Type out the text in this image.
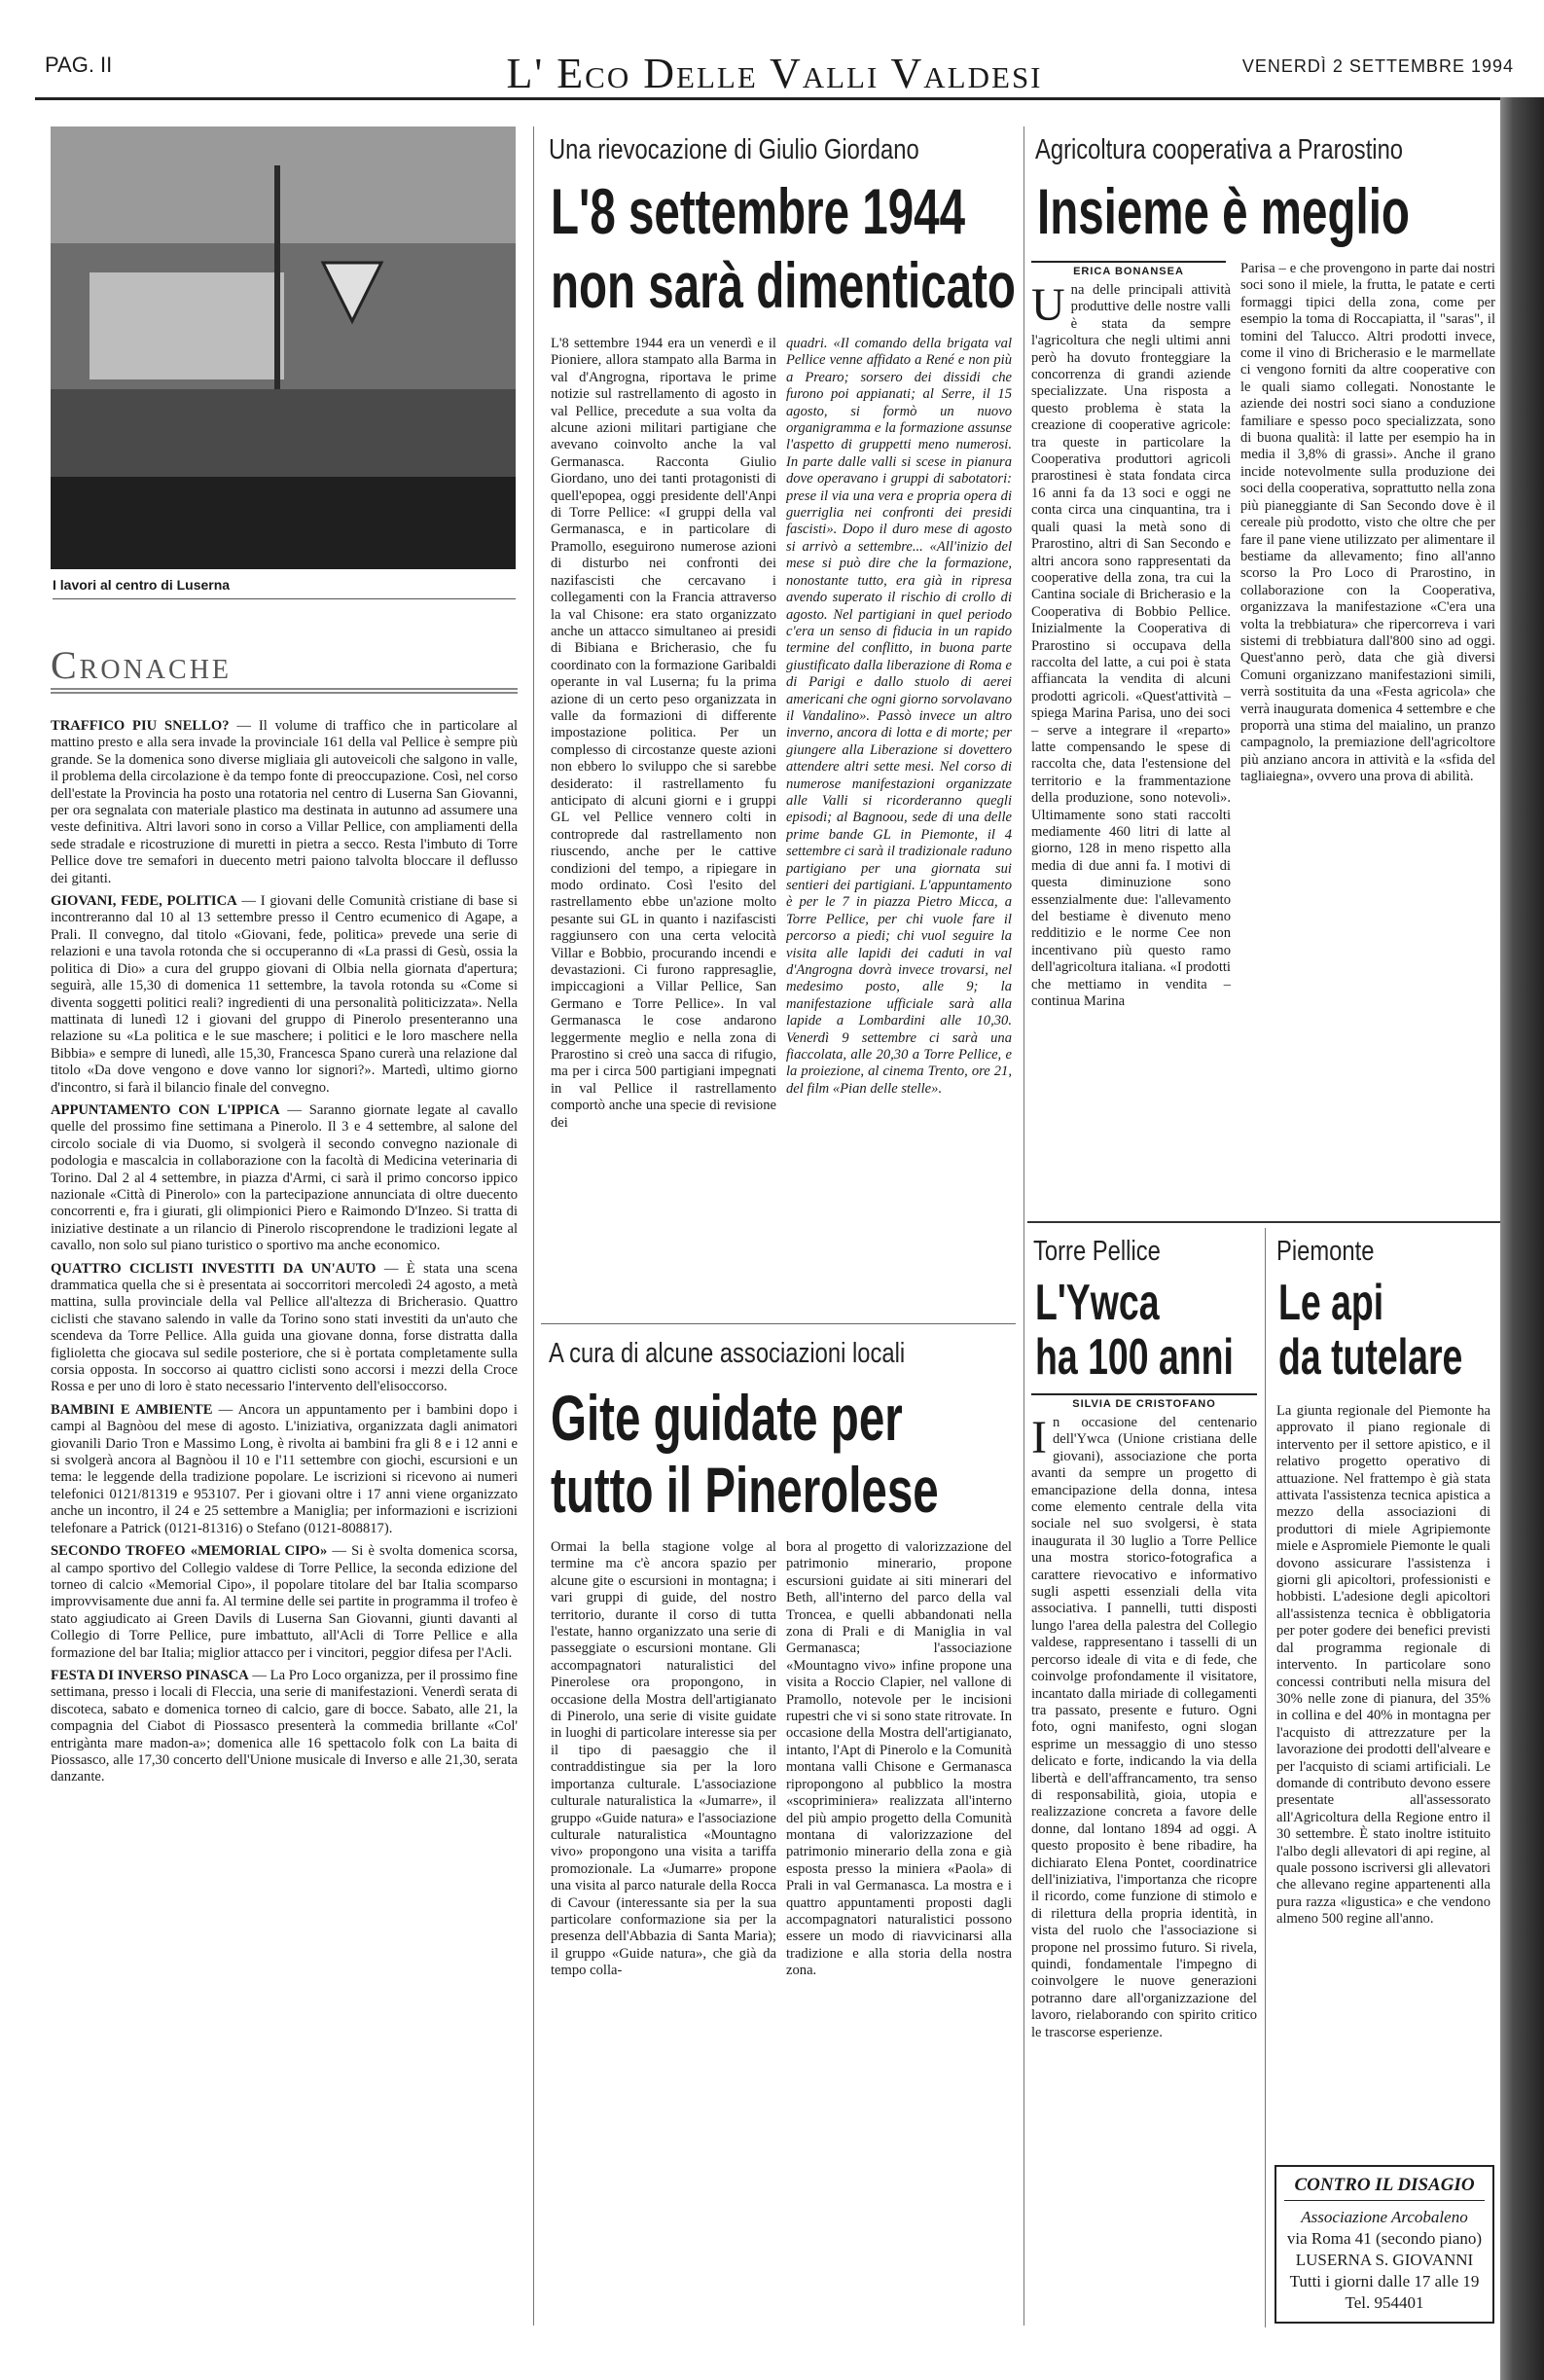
PAG. II	L' Eco Delle Valli Valdesi	VENERDÌ 2 SETTEMBRE 1994
I lavori al centro di Luserna
Cronache

TRAFFICO PIU SNELLO? — Il volume di traffico che in particolare al mattino presto e alla sera invade la provinciale 161 della val Pellice è sempre più grande. Se la domenica sono diverse migliaia gli autoveicoli che salgono in valle, il problema della circolazione è da tempo fonte di preoccupazione. Così, nel corso dell'estate la Provincia ha posto una rotatoria nel centro di Luserna San Giovanni, per ora segnalata con materiale plastico ma destinata in autunno ad assumere una veste definitiva. Altri lavori sono in corso a Villar Pellice, con ampliamenti della sede stradale e ricostruzione di muretti in pietra a secco. Resta l'imbuto di Torre Pellice dove tre semafori in duecento metri paiono talvolta bloccare il deflusso dei gitanti.

GIOVANI, FEDE, POLITICA — I giovani delle Comunità cristiane di base si incontreranno dal 10 al 13 settembre presso il Centro ecumenico di Agape, a Prali. Il convegno, dal titolo «Giovani, fede, politica» prevede una serie di relazioni e una tavola rotonda che si occuperanno di «La prassi di Gesù, ossia la politica di Dio» a cura del gruppo giovani di Olbia nella giornata d'apertura; seguirà, alle 15,30 di domenica 11 settembre, la tavola rotonda su «Come si diventa soggetti politici reali? ingredienti di una personalità politicizzata». Nella mattinata di lunedì 12 i giovani del gruppo di Pinerolo presenteranno una relazione su «La politica e le sue maschere; i politici e le loro maschere nella Bibbia» e sempre di lunedì, alle 15,30, Francesca Spano curerà una relazione dal titolo «Da dove vengono e dove vanno lor signori?». Martedì, ultimo giorno d'incontro, si farà il bilancio finale del convegno.

APPUNTAMENTO CON L'IPPICA — Saranno giornate legate al cavallo quelle del prossimo fine settimana a Pinerolo. Il 3 e 4 settembre, al salone del circolo sociale di via Duomo, si svolgerà il secondo convegno nazionale di podologia e mascalcia in collaborazione con la facoltà di Medicina veterinaria di Torino. Dal 2 al 4 settembre, in piazza d'Armi, ci sarà il primo concorso ippico nazionale «Città di Pinerolo» con la partecipazione annunciata di oltre duecento concorrenti e, fra i giurati, gli olimpionici Piero e Raimondo D'Inzeo. Si tratta di iniziative destinate a un rilancio di Pinerolo riscoprendone le tradizioni legate al cavallo, non solo sul piano turistico o sportivo ma anche economico.

QUATTRO CICLISTI INVESTITI DA UN'AUTO — È stata una scena drammatica quella che si è presentata ai soccorritori mercoledì 24 agosto, a metà mattina, sulla provinciale della val Pellice all'altezza di Bricherasio. Quattro ciclisti che stavano salendo in valle da Torino sono stati investiti da un'auto che scendeva da Torre Pellice. Alla guida una giovane donna, forse distratta dalla figlioletta che giocava sul sedile posteriore, che si è portata completamente sulla corsia opposta. In soccorso ai quattro ciclisti sono accorsi i mezzi della Croce Rossa e per uno di loro è stato necessario l'intervento dell'elisoccorso.

BAMBINI E AMBIENTE — Ancora un appuntamento per i bambini dopo i campi al Bagnòou del mese di agosto. L'iniziativa, organizzata dagli animatori giovanili Dario Tron e Massimo Long, è rivolta ai bambini fra gli 8 e i 12 anni e si svolgerà ancora al Bagnòou il 10 e l'11 settembre con giochi, escursioni e un tema: le leggende della tradizione popolare. Le iscrizioni si ricevono ai numeri telefonici 0121/81319 e 953107. Per i giovani oltre i 17 anni viene organizzato anche un incontro, il 24 e 25 settembre a Maniglia; per informazioni e iscrizioni telefonare a Patrick (0121-81316) o Stefano (0121-808817).

SECONDO TROFEO «MEMORIAL CIPO» — Si è svolta domenica scorsa, al campo sportivo del Collegio valdese di Torre Pellice, la seconda edizione del torneo di calcio «Memorial Cipo», il popolare titolare del bar Italia scomparso improvvisamente due anni fa. Al termine delle sei partite in programma il trofeo è stato aggiudicato ai Green Davils di Luserna San Giovanni, giunti davanti al Collegio di Torre Pellice, pure imbattuto, all'Acli di Torre Pellice e alla formazione del bar Italia; miglior attacco per i vincitori, peggior difesa per l'Acli.

FESTA DI INVERSO PINASCA — La Pro Loco organizza, per il prossimo fine settimana, presso i locali di Fleccia, una serie di manifestazioni. Venerdì serata di discoteca, sabato e domenica torneo di calcio, gare di bocce. Sabato, alle 21, la compagnia del Ciabot di Piossasco presenterà la commedia brillante «Col' entrigànta mare madon-a»; domenica alle 16 spettacolo folk con La baita di Piossasco, alle 17,30 concerto dell'Unione musicale di Inverso e alle 21,30, serata danzante.

Una rievocazione di Giulio Giordano
L'8 settembre 1944
non sarà dimenticato
L'8 settembre 1944 era un venerdì e il Pioniere, allora stampato alla Barma in val d'Angrogna, riportava le prime notizie sul rastrellamento di agosto in val Pellice, precedute a sua volta da alcune azioni militari partigiane che avevano coinvolto anche la val Germanasca. Racconta Giulio Giordano, uno dei tanti protagonisti di quell'epopea, oggi presidente dell'Anpi di Torre Pellice: «I gruppi della val Germanasca, e in particolare di Pramollo, eseguirono numerose azioni di disturbo nei confronti dei nazifascisti che cercavano i collegamenti con la Francia attraverso la val Chisone: era stato organizzato anche un attacco simultaneo ai presidi di Bibiana e Bricherasio, che fu coordinato con la formazione Garibaldi operante in val Luserna; fu la prima azione di un certo peso organizzata in valle da formazioni di differente impostazione politica. Per un complesso di circostanze queste azioni non ebbero lo sviluppo che si sarebbe desiderato: il rastrellamento fu anticipato di alcuni giorni e i gruppi GL vel Pellice vennero colti in controprede dal rastrellamento non riuscendo, anche per le cattive condizioni del tempo, a ripiegare in modo ordinato. Così l'esito del rastrellamento ebbe un'azione molto pesante sui GL in quanto i nazifascisti raggiunsero con una certa velocità Villar e Bobbio, procurando incendi e devastazioni. Ci furono rappresaglie, impiccagioni a Villar Pellice, San Germano e Torre Pellice». In val Germanasca le cose andarono leggermente meglio e nella zona di Prarostino si creò una sacca di rifugio, ma per i circa 500 partigiani impegnati in val Pellice il rastrellamento comportò anche una specie di revisione dei
quadri. «Il comando della brigata val Pellice venne affidato a René e non più a Prearo; sorsero dei dissidi che furono poi appianati; al Serre, il 15 agosto, si formò un nuovo organigramma e la formazione assunse l'aspetto di gruppetti meno numerosi. In parte dalle valli si scese in pianura dove operavano i gruppi di sabotatori: prese il via una vera e propria opera di guerriglia nei confronti dei presidi fascisti». Dopo il duro mese di agosto si arrivò a settembre... «All'inizio del mese si può dire che la formazione, nonostante tutto, era già in ripresa avendo superato il rischio di crollo di agosto. Nel partigiani in quel periodo c'era un senso di fiducia in un rapido termine del conflitto, in buona parte giustificato dalla liberazione di Roma e di Parigi e dallo stuolo di aerei americani che ogni giorno sorvolavano il Vandalino». Passò invece un altro inverno, ancora di lotta e di morte; per giungere alla Liberazione si dovettero attendere altri sette mesi. Nel corso di numerose manifestazioni organizzate alle Valli si ricorderanno quegli episodi; al Bagnoou, sede di una delle prime bande GL in Piemonte, il 4 settembre ci sarà il tradizionale raduno partigiano per una giornata sui sentieri dei partigiani. L'appuntamento è per le 7 in piazza Pietro Micca, a Torre Pellice, per chi vuole fare il percorso a piedi; chi vuol seguire la visita alle lapidi dei caduti in val d'Angrogna dovrà invece trovarsi, nel medesimo posto, alle 9; la manifestazione ufficiale sarà alla lapide a Lombardini alle 10,30. Venerdì 9 settembre ci sarà una fiaccolata, alle 20,30 a Torre Pellice, e la proiezione, al cinema Trento, ore 21, del film «Pian delle stelle».
A cura di alcune associazioni locali
Gite guidate per
tutto il Pinerolese
Ormai la bella stagione volge al termine ma c'è ancora spazio per alcune gite o escursioni in montagna; i vari gruppi di guide, del nostro territorio, durante il corso di tutta l'estate, hanno organizzato una serie di passeggiate o escursioni montane. Gli accompagnatori naturalistici del Pinerolese ora propongono, in occasione della Mostra dell'artigianato di Pinerolo, una serie di visite guidate in luoghi di particolare interesse sia per il tipo di paesaggio che il contraddistingue sia per la loro importanza culturale. L'associazione culturale naturalistica la «Jumarre», il gruppo «Guide natura» e l'associazione culturale naturalistica «Mountagno vivo» propongono una visita a tariffa promozionale. La «Jumarre» propone una visita al parco naturale della Rocca di Cavour (interessante sia per la sua particolare conformazione sia per la presenza dell'Abbazia di Santa Maria); il gruppo «Guide natura», che già da tempo colla-
bora al progetto di valorizzazione del patrimonio minerario, propone escursioni guidate ai siti minerari del Beth, all'interno del parco della val Troncea, e quelli abbandonati nella zona di Prali e di Maniglia in val Germanasca; l'associazione «Mountagno vivo» infine propone una visita a Roccio Clapier, nel vallone di Pramollo, notevole per le incisioni rupestri che vi si sono state ritrovate. In occasione della Mostra dell'artigianato, intanto, l'Apt di Pinerolo e la Comunità montana valli Chisone e Germanasca ripropongono al pubblico la mostra «scopriminiera» realizzata all'interno del più ampio progetto della Comunità montana di valorizzazione del patrimonio minerario della zona e già esposta presso la miniera «Paola» di Prali in val Germanasca. La mostra e i quattro appuntamenti proposti dagli accompagnatori naturalistici possono essere un modo di riavvicinarsi alla tradizione e alla storia della nostra zona.
Agricoltura cooperativa a Prarostino
Insieme è meglio
ERICA BONANSEA
Una delle principali attività produttive delle nostre valli è stata da sempre l'agricoltura che negli ultimi anni però ha dovuto fronteggiare la concorrenza di grandi aziende specializzate. Una risposta a questo problema è stata la creazione di cooperative agricole: tra queste in particolare la Cooperativa produttori agricoli prarostinesi è stata fondata circa 16 anni fa da 13 soci e oggi ne conta circa una cinquantina, tra i quali quasi la metà sono di Prarostino, altri di San Secondo e altri ancora sono rappresentati da cooperative della zona, tra cui la Cantina sociale di Bricherasio e la Cooperativa di Bobbio Pellice. Inizialmente la Cooperativa di Prarostino si occupava della raccolta del latte, a cui poi è stata affiancata la vendita di alcuni prodotti agricoli. «Quest'attività – spiega Marina Parisa, uno dei soci – serve a integrare il «reparto» latte compensando le spese di raccolta che, data l'estensione del territorio e la frammentazione della produzione, sono notevoli». Ultimamente sono stati raccolti mediamente 460 litri di latte al giorno, 128 in meno rispetto alla media di due anni fa. I motivi di questa diminuzione sono essenzialmente due: l'allevamento del bestiame è divenuto meno redditizio e le norme Cee non incentivano più questo ramo dell'agricoltura italiana. «I prodotti che mettiamo in vendita – continua Marina
Parisa – e che provengono in parte dai nostri soci sono il miele, la frutta, le patate e certi formaggi tipici della zona, come per esempio la toma di Roccapiatta, il "saras", il tomini del Talucco. Altri prodotti invece, come il vino di Bricherasio e le marmellate ci vengono forniti da altre cooperative con le quali siamo collegati. Nonostante le aziende dei nostri soci siano a conduzione familiare e spesso poco specializzata, sono di buona qualità: il latte per esempio ha in media il 3,8% di grassi». Anche il grano incide notevolmente sulla produzione dei soci della cooperativa, soprattutto nella zona più pianeggiante di San Secondo dove è il cereale più prodotto, visto che oltre che per fare il pane viene utilizzato per alimentare il bestiame da allevamento; fino all'anno scorso la Pro Loco di Prarostino, in collaborazione con la Cooperativa, organizzava la manifestazione «C'era una volta la trebbiatura» che ripercorreva i vari sistemi di trebbiatura dall'800 sino ad oggi. Quest'anno però, data che già diversi Comuni organizzano manifestazioni simili, verrà sostituita da una «Festa agricola» che verrà inaugurata domenica 4 settembre e che proporrà una stima del maialino, un pranzo campagnolo, la premiazione dell'agricoltore più anziano ancora in attività e la «sfida del tagliaiegna», ovvero una prova di abilità.
Torre Pellice
L'Ywca
ha 100 anni
SILVIA DE CRISTOFANO
In occasione del centenario dell'Ywca (Unione cristiana delle giovani), associazione che porta avanti da sempre un progetto di emancipazione della donna, intesa come elemento centrale della vita sociale nel suo svolgersi, è stata inaugurata il 30 luglio a Torre Pellice una mostra storico-fotografica a carattere rievocativo e informativo sugli aspetti essenziali della vita associativa. I pannelli, tutti disposti lungo l'area della palestra del Collegio valdese, rappresentano i tasselli di un percorso ideale di vita e di fede, che coinvolge profondamente il visitatore, incantato dalla miriade di collegamenti tra passato, presente e futuro. Ogni foto, ogni manifesto, ogni slogan esprime un messaggio di uno stesso delicato e forte, indicando la via della libertà e dell'affrancamento, tra senso di responsabilità, gioia, utopia e realizzazione concreta a favore delle donne, dal lontano 1894 ad oggi. A questo proposito è bene ribadire, ha dichiarato Elena Pontet, coordinatrice dell'iniziativa, l'importanza che ricopre il ricordo, come funzione di stimolo e di rilettura della propria identità, in vista del ruolo che l'associazione si propone nel prossimo futuro. Si rivela, quindi, fondamentale l'impegno di coinvolgere le nuove generazioni potranno dare all'organizzazione del lavoro, rielaborando con spirito critico le trascorse esperienze.
Piemonte
Le api
da tutelare
La giunta regionale del Piemonte ha approvato il piano regionale di intervento per il settore apistico, e il relativo progetto operativo di attuazione. Nel frattempo è già stata attivata l'assistenza tecnica apistica a mezzo della associazioni di produttori di miele Agripiemonte miele e Aspromiele Piemonte le quali dovono assicurare l'assistenza i giorni gli apicoltori, professionisti e hobbisti. L'adesione degli apicoltori all'assistenza tecnica è obbligatoria per poter godere dei benefici previsti dal programma regionale di intervento. In particolare sono concessi contributi nella misura del 30% nelle zone di pianura, del 35% in collina e del 40% in montagna per l'acquisto di attrezzature per la lavorazione dei prodotti dell'alveare e per l'acquisto di sciami artificiali. Le domande di contributo devono essere presentate all'assessorato all'Agricoltura della Regione entro il 30 settembre. È stato inoltre istituito l'albo degli allevatori di api regine, al quale possono iscriversi gli allevatori che allevano regine appartenenti alla pura razza «ligustica» e che vendono almeno 500 regine all'anno.
CONTRO IL DISAGIO
Associazione Arcobaleno
via Roma 41 (secondo piano)
LUSERNA S. GIOVANNI
Tutti i giorni dalle 17 alle 19
Tel. 954401
